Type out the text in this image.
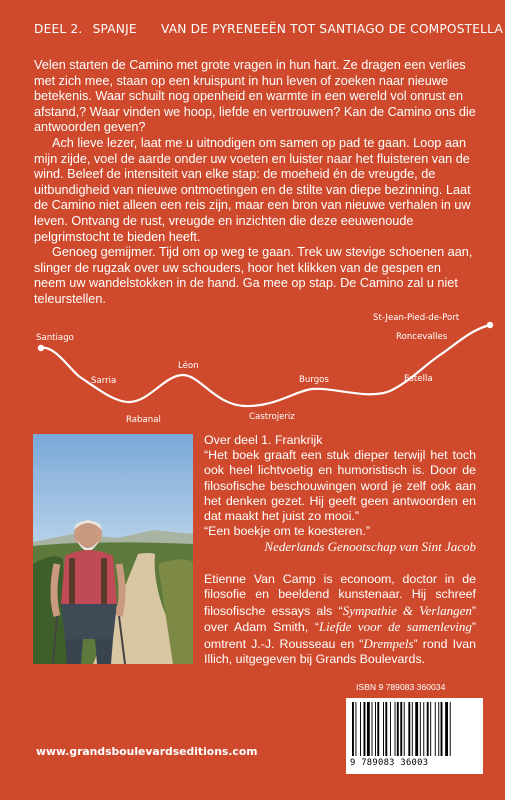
DEEL 2. SPANJE VAN DE PYRENEEËN TOT SANTIAGO DE COMPOSTELLA

Velen starten de Camino met grote vragen in hun hart. Ze dragen een verlies met zich mee, staan op een kruispunt in hun leven of zoeken naar nieuwe betekenis. Waar schuilt nog openheid en warmte in een wereld vol onrust en afstand,? Waar vinden we hoop, liefde en vertrouwen? Kan de Camino ons die antwoorden geven?

Ach lieve lezer, laat me u uitnodigen om samen op pad te gaan. Loop aan mijn zijde, voel de aarde onder uw voeten en luister naar het fluisteren van de wind. Beleef de intensiteit van elke stap: de moeheid én de vreugde, de uitbundigheid van nieuwe ontmoetingen en de stilte van diepe bezinning. Laat de Camino niet alleen een reis zijn, maar een bron van nieuwe verhalen in uw leven. Ontvang de rust, vreugde en inzichten die deze eeuwenoude pelgrimstocht te bieden heeft.

Genoeg gemijmer. Tijd om op weg te gaan. Trek uw stevige schoenen aan, slinger de rugzak over uw schouders, hoor het klikken van de gespen en neem uw wandelstokken in de hand. Ga mee op stap. De Camino zal u niet teleurstellen.

Santiago
Sarria
Rabanal
Léon
Castrojeriz
Burgos	Estella
Roncevalles
St-Jean-Pied-de-Port

Over deel 1. Frankrijk

“Het boek graaft een stuk dieper terwijl het toch ook heel lichtvoetig en humoristisch is. Door de filosofische beschouwingen word je zelf ook aan het denken gezet. Hij geeft geen antwoorden en dat maakt het juist zo mooi.”

“Een boekje om te koesteren.”

Nederlands Genootschap van Sint Jacob

Etienne Van Camp is econoom, doctor in de filosofie en beeldend kunstenaar. Hij schreef filosofische essays als “Sympathie & Verlangen” over Adam Smith, “Liefde voor de samenleving” omtrent J.-J. Rousseau en “Drempels” rond Ivan Illich, uitgegeven bij Grands Boulevards.
ISBN 9 789083 360034
9 789083 36003
www.grandsboulevardseditions.com
